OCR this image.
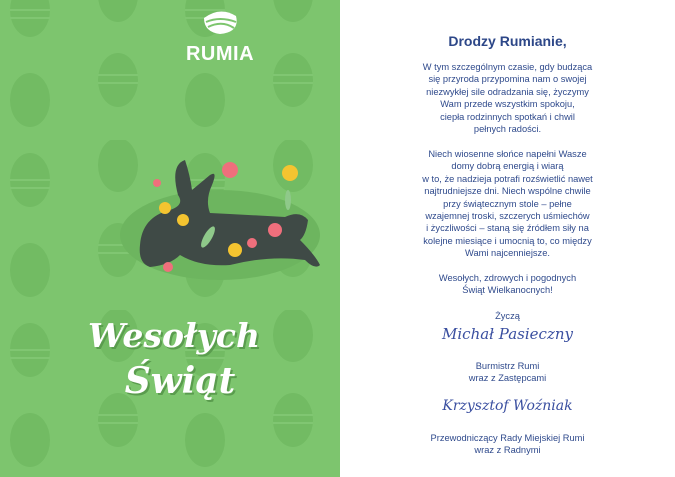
RUMIA
Wesołych
Świąt
Drodzy Rumianie,
W tym szczególnym czasie, gdy budząca
się przyroda przypomina nam o swojej
niezwykłej sile odradzania się, życzymy
Wam przede wszystkim spokoju,
ciepła rodzinnych spotkań i chwil
pełnych radości.
Niech wiosenne słońce napełni Wasze
domy dobrą energią i wiarą
w to, że nadzieja potrafi rozświetlić nawet
najtrudniejsze dni. Niech wspólne chwile
przy świątecznym stole – pełne
wzajemnej troski, szczerych uśmiechów
i życzliwości – staną się źródłem siły na
kolejne miesiące i umocnią to, co między
Wami najcenniejsze.
Wesołych, zdrowych i pogodnych
Świąt Wielkanocnych!
Życzą
Michał Pasieczny
Burmistrz Rumi
wraz z Zastępcami
Krzysztof Woźniak
Przewodniczący Rady Miejskiej Rumi
wraz z Radnymi
